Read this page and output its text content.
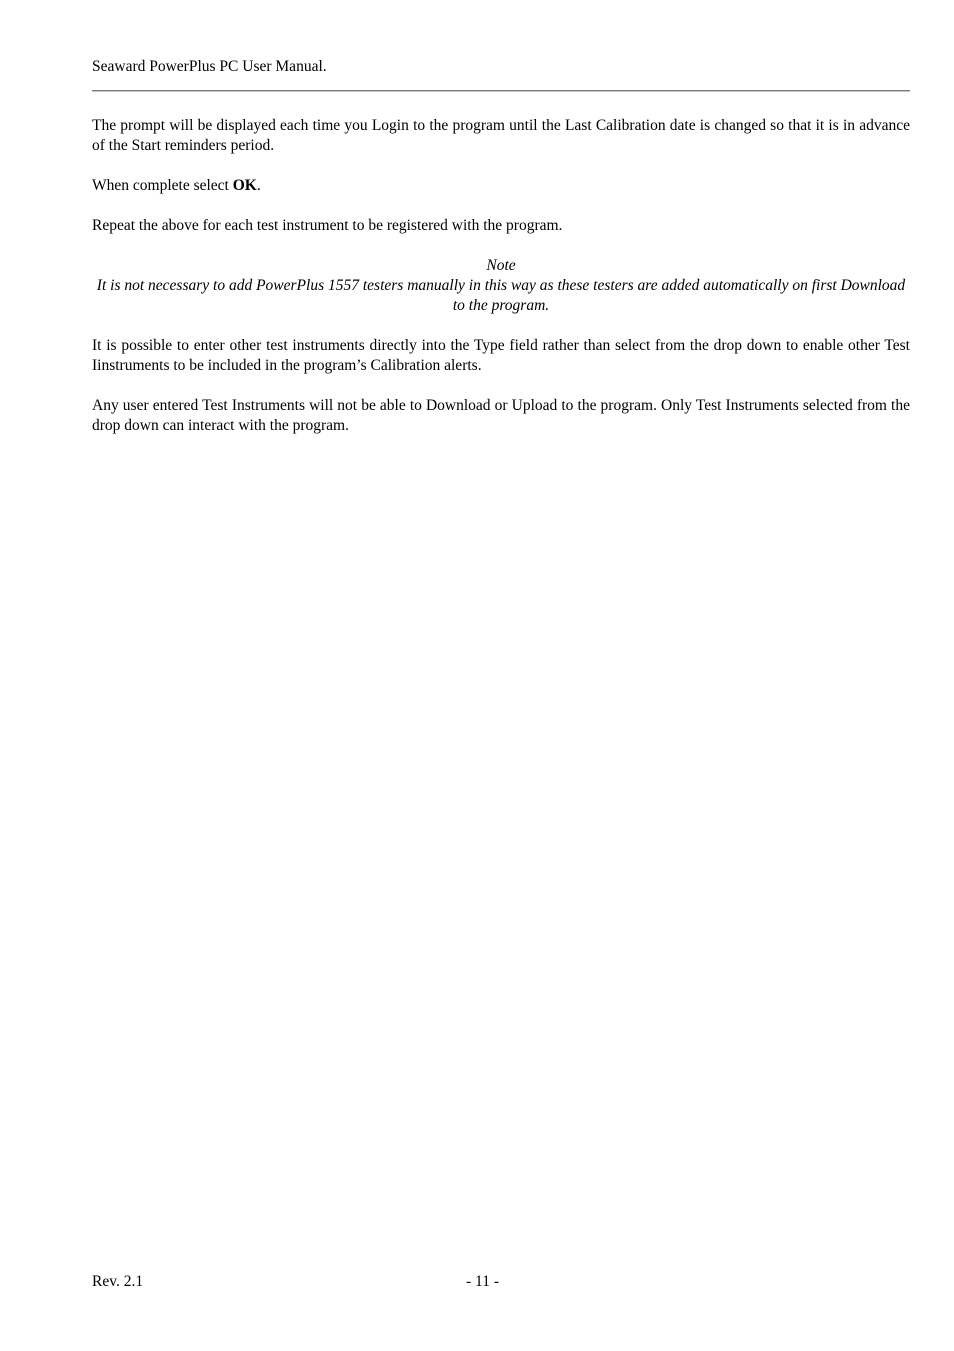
Seaward PowerPlus PC User Manual.

The prompt will be displayed each time you Login to the program until the Last Calibration date is changed so that it is in advance of the Start reminders period.

When complete select OK.

Repeat the above for each test instrument to be registered with the program.

Note
It is not necessary to add PowerPlus 1557 testers manually in this way as these testers are added automatically on first Download to the program.

It is possible to enter other test instruments directly into the Type field rather than select from the drop down to enable other Test Iinstruments to be included in the program’s Calibration alerts.

Any user entered Test Instruments will not be able to Download or Upload to the program. Only Test Instruments selected from the drop down can interact with the program.

Rev. 2.1	- 11 -
